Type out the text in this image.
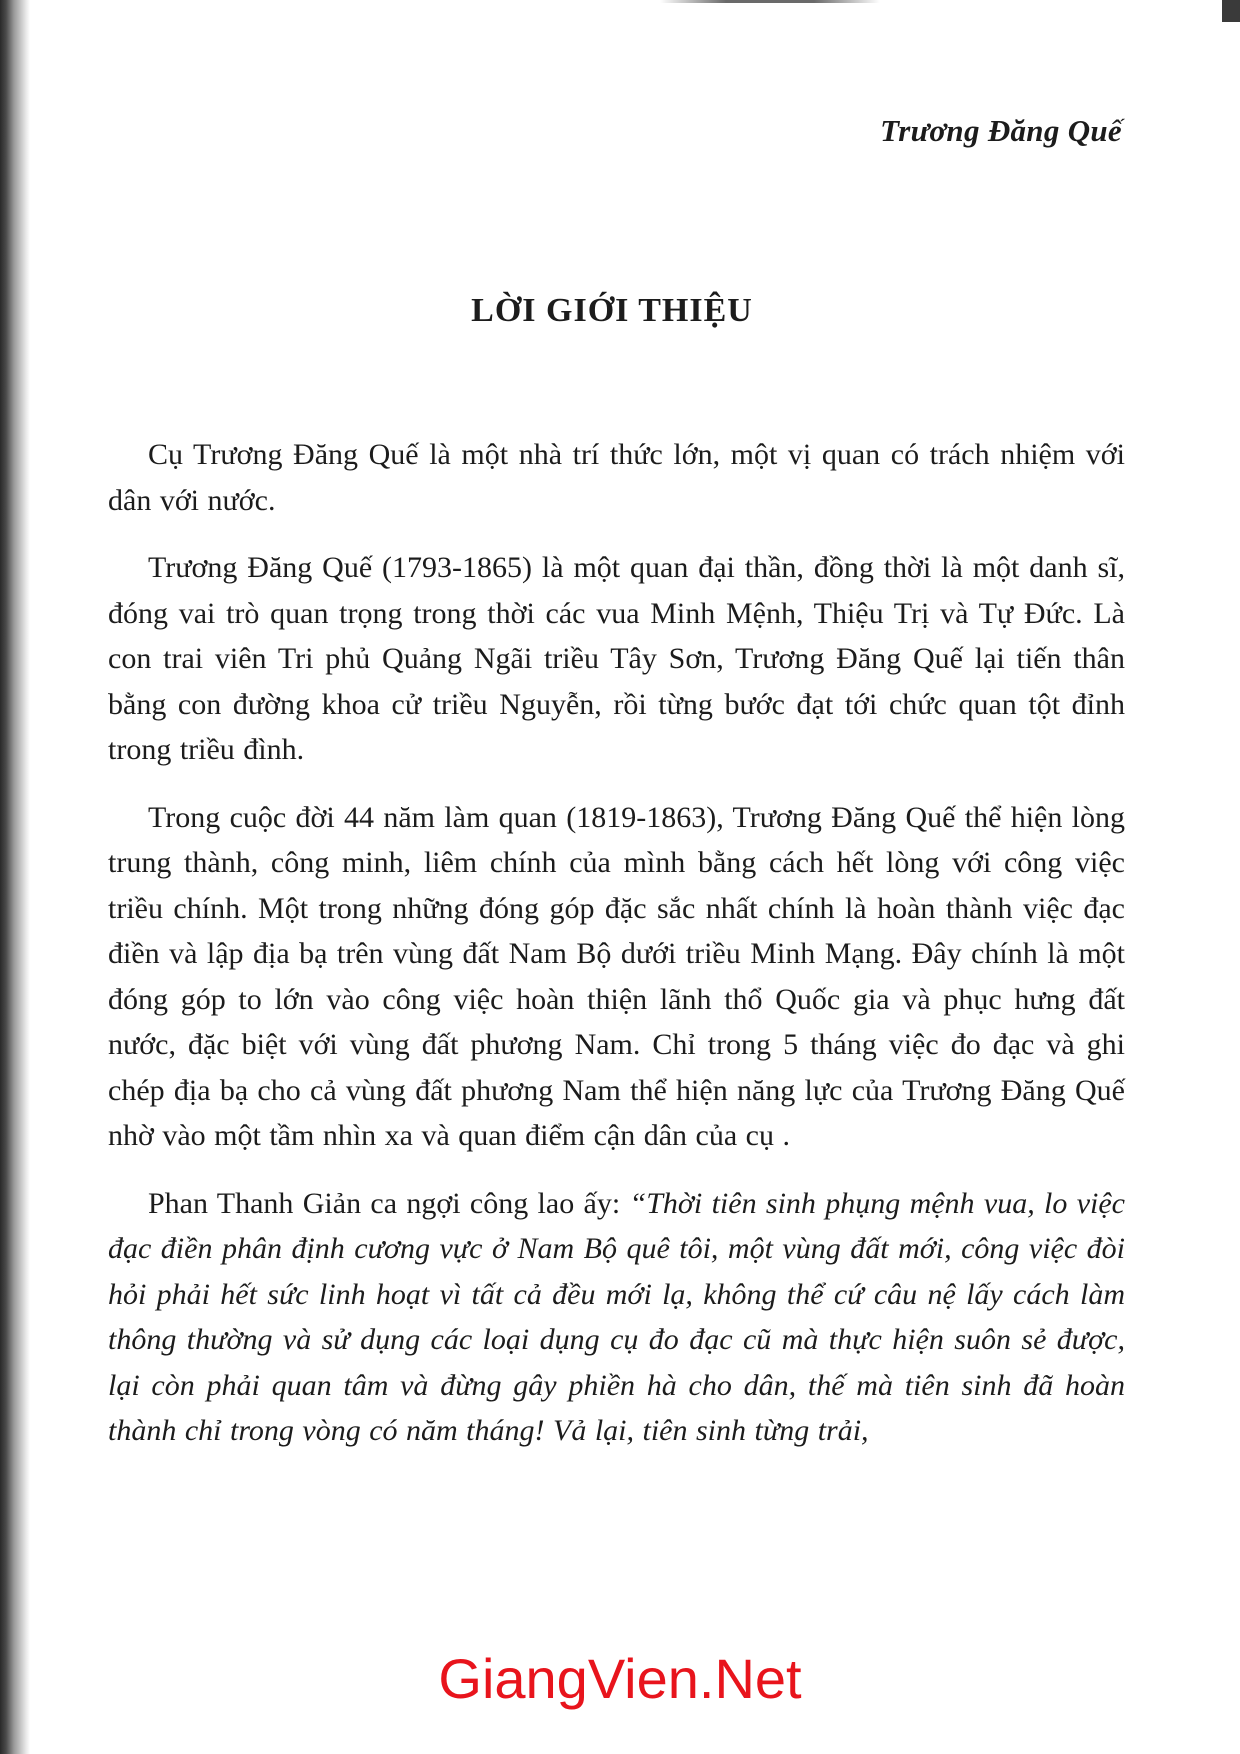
Trương Đăng Quế
LỜI GIỚI THIỆU

Cụ Trương Đăng Quế là một nhà trí thức lớn, một vị quan có trách nhiệm với dân với nước.

Trương Đăng Quế (1793-1865) là một quan đại thần, đồng thời là một danh sĩ, đóng vai trò quan trọng trong thời các vua Minh Mệnh, Thiệu Trị và Tự Đức. Là con trai viên Tri phủ Quảng Ngãi triều Tây Sơn, Trương Đăng Quế lại tiến thân bằng con đường khoa cử triều Nguyễn, rồi từng bước đạt tới chức quan tột đỉnh trong triều đình.

Trong cuộc đời 44 năm làm quan (1819-1863), Trương Đăng Quế thể hiện lòng trung thành, công minh, liêm chính của mình bằng cách hết lòng với công việc triều chính. Một trong những đóng góp đặc sắc nhất chính là hoàn thành việc đạc điền và lập địa bạ trên vùng đất Nam Bộ dưới triều Minh Mạng. Đây chính là một đóng góp to lớn vào công việc hoàn thiện lãnh thổ Quốc gia và phục hưng đất nước, đặc biệt với vùng đất phương Nam. Chỉ trong 5 tháng việc đo đạc và ghi chép địa bạ cho cả vùng đất phương Nam thể hiện năng lực của Trương Đăng Quế nhờ vào một tầm nhìn xa và quan điểm cận dân của cụ .

Phan Thanh Giản ca ngợi công lao ấy: “Thời tiên sinh phụng mệnh vua, lo việc đạc điền phân định cương vực ở Nam Bộ quê tôi, một vùng đất mới, công việc đòi hỏi phải hết sức linh hoạt vì tất cả đều mới lạ, không thể cứ câu nệ lấy cách làm thông thường và sử dụng các loại dụng cụ đo đạc cũ mà thực hiện suôn sẻ được, lại còn phải quan tâm và đừng gây phiền hà cho dân, thế mà tiên sinh đã hoàn thành chỉ trong vòng có năm tháng! Vả lại, tiên sinh từng trải,

GiangVien.Net
